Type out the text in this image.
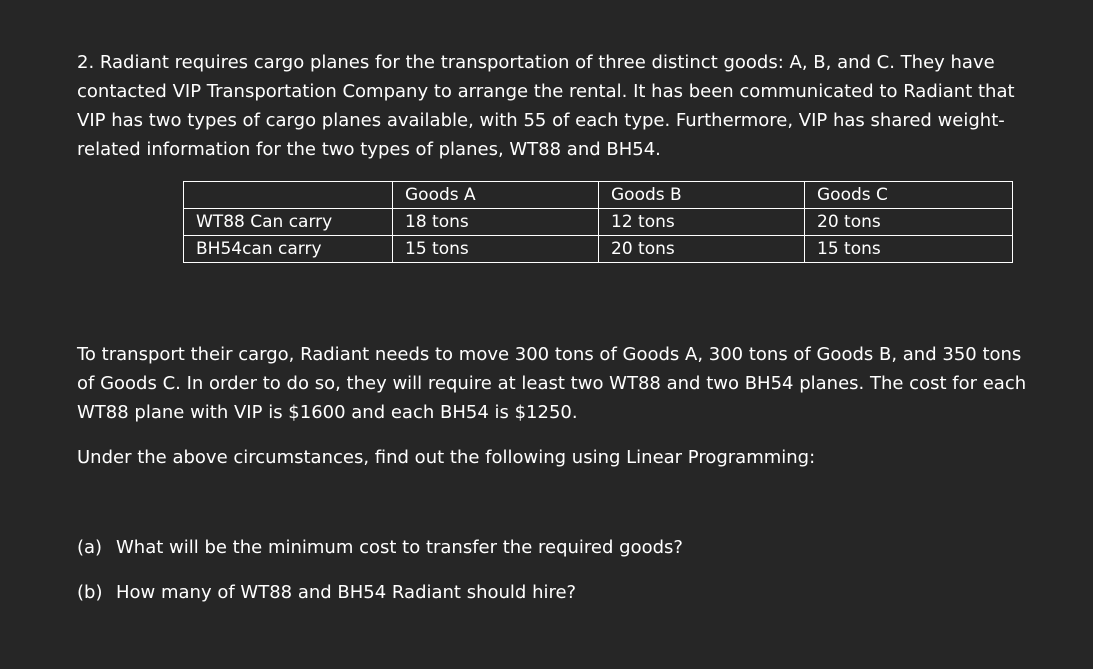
2. Radiant requires cargo planes for the transportation of three distinct goods: A, B, and C. They have contacted VIP Transportation Company to arrange the rental. It has been communicated to Radiant that VIP has two types of cargo planes available, with 55 of each type. Furthermore, VIP has shared weight-related information for the two types of planes, WT88 and BH54.

	Goods A	Goods B	Goods C
WT88 Can carry	18 tons	12 tons	20 tons
BH54can carry	15 tons	20 tons	15 tons

To transport their cargo, Radiant needs to move 300 tons of Goods A, 300 tons of Goods B, and 350 tons of Goods C. In order to do so, they will require at least two WT88 and two BH54 planes. The cost for each WT88 plane with VIP is $1600 and each BH54 is $1250.

Under the above circumstances, find out the following using Linear Programming:

(a) What will be the minimum cost to transfer the required goods?
(b) How many of WT88 and BH54 Radiant should hire?
